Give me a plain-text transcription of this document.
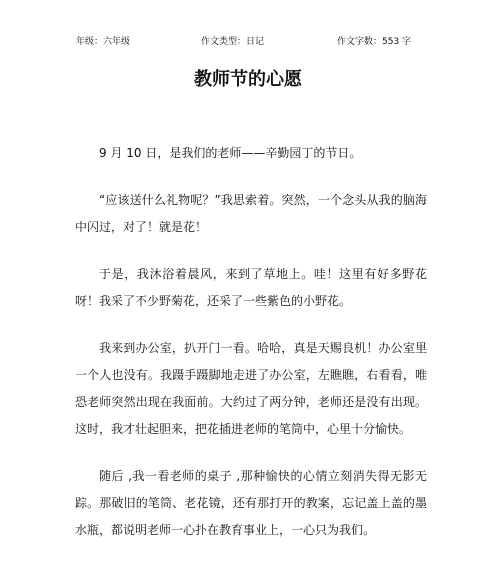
年级：六年级	作文类型：日记	作文字数：553 字
教师节的心愿

9 月 10 日，是我们的老师——辛勤园丁的节日。

“应该送什么礼物呢？”我思索着。突然，一个念头从我的脑海中闪过，对了！就是花！

于是，我沐浴着晨风，来到了草地上。哇！这里有好多野花呀！我采了不少野菊花，还采了一些紫色的小野花。

我来到办公室，扒开门一看。哈哈，真是天赐良机！办公室里一个人也没有。我蹑手蹑脚地走进了办公室，左瞧瞧，右看看，唯恐老师突然出现在我面前。大约过了两分钟，老师还是没有出现。这时，我才壮起胆来，把花插进老师的笔筒中，心里十分愉快。

随后 ,我一看老师的桌子 ,那种愉快的心情立刻消失得无影无踪。那破旧的笔筒、老花镜，还有那打开的教案，忘记盖上盖的墨水瓶，都说明老师一心扑在教育事业上，一心只为我们。
